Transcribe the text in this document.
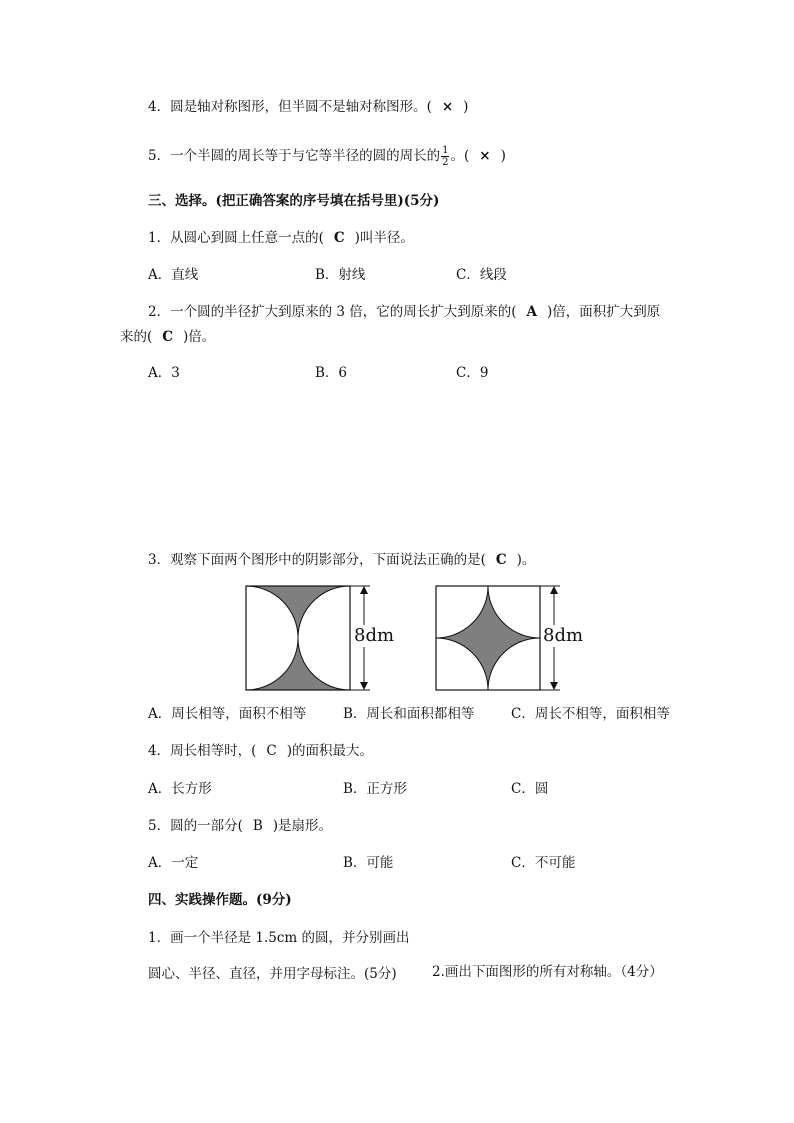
4．圆是轴对称图形，但半圆不是轴对称图形。( × )
5．一个半圆的周长等于与它等半径的圆的周长的 $\frac{1}{2}$ 。( × )
三、选择。(把正确答案的序号填在括号里)(5分)
1．从圆心到圆上任意一点的( C )叫半径。
A．直线	B．射线	C．线段
2．一个圆的半径扩大到原来的 3 倍，它的周长扩大到原来的( A )倍，面积扩大到原
来的( C )倍。
A．3	B．6	C．9
3．观察下面两个图形中的阴影部分，下面说法正确的是( C )。
8dm	8dm
A．周长相等，面积不相等	B．周长和面积都相等	C．周长不相等，面积相等
4．周长相等时，( C )的面积最大。
A．长方形	B．正方形	C．圆
5．圆的一部分( B )是扇形。
A．一定	B．可能	C．不可能
四、实践操作题。(9分)
1．画一个半径是 1.5cm 的圆，并分别画出
圆心、半径、直径，并用字母标注。(5分)	2.画出下面图形的所有对称轴。（4分）
